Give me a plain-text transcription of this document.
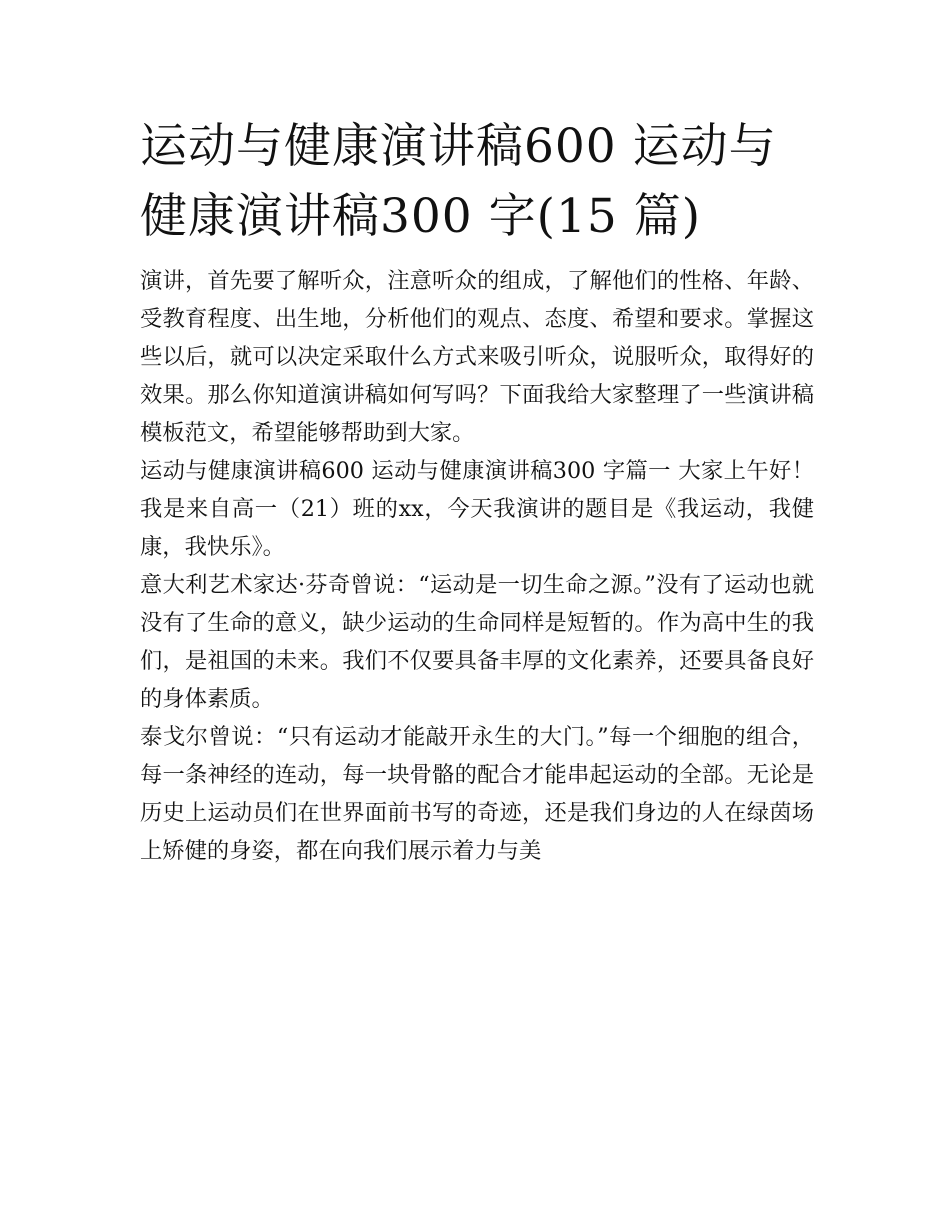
运动与健康演讲稿600 运动与健康演讲稿300 字(15 篇)

演讲，首先要了解听众，注意听众的组成，了解他们的性格、年龄、受教育程度、出生地，分析他们的观点、态度、希望和要求。掌握这些以后，就可以决定采取什么方式来吸引听众，说服听众，取得好的效果。那么你知道演讲稿如何写吗？下面我给大家整理了一些演讲稿模板范文，希望能够帮助到大家。

运动与健康演讲稿600 运动与健康演讲稿300 字篇一 大家上午好！ 我是来自高一（21）班的xx，今天我演讲的题目是《我运动，我健康，我快乐》。

意大利艺术家达·芬奇曾说：“运动是一切生命之源。”没有了运动也就没有了生命的意义，缺少运动的生命同样是短暂的。作为高中生的我们，是祖国的未来。我们不仅要具备丰厚的文化素养，还要具备良好的身体素质。

泰戈尔曾说：“只有运动才能敲开永生的大门。”每一个细胞的组合，每一条神经的连动，每一块骨骼的配合才能串起运动的全部。无论是历史上运动员们在世界面前书写的奇迹，还是我们身边的人在绿茵场上矫健的身姿，都在向我们展示着力与美
